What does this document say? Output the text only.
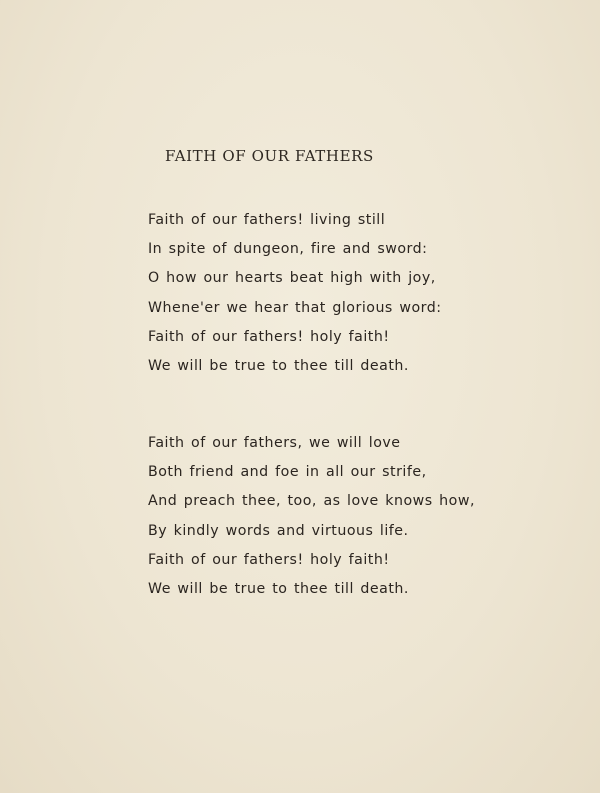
FAITH OF OUR FATHERS
Faith of our fathers! living still
In spite of dungeon, fire and sword:
O how our hearts beat high with joy,
Whene'er we hear that glorious word:
Faith of our fathers! holy faith!
We will be true to thee till death.
Faith of our fathers, we will love
Both friend and foe in all our strife,
And preach thee, too, as love knows how,
By kindly words and virtuous life.
Faith of our fathers! holy faith!
We will be true to thee till death.
